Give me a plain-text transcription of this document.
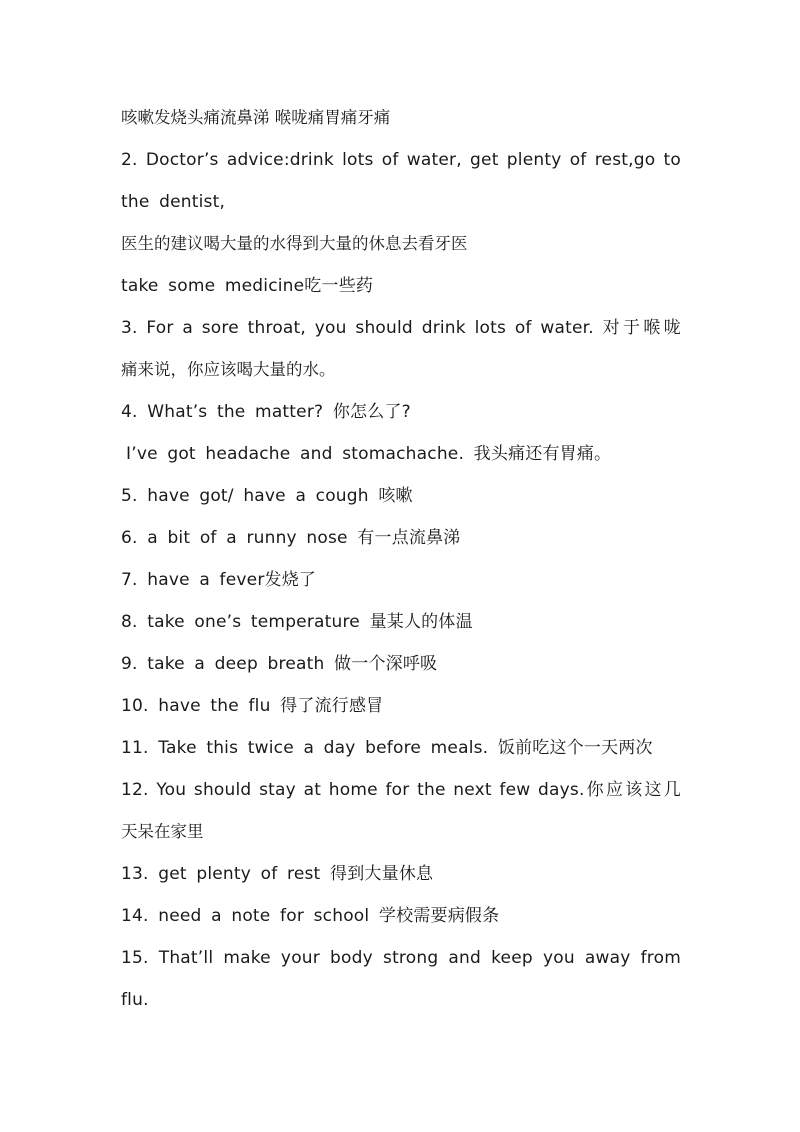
咳嗽发烧头痛流鼻涕 喉咙痛胃痛牙痛
2. Doctor’s advice:drink lots of water, get plenty of rest,go to
the dentist,
医生的建议喝大量的水得到大量的休息去看牙医
take some medicine吃一些药
3. For a sore throat, you should drink lots of water. 对于喉咙
痛来说，你应该喝大量的水。
4. What’s the matter? 你怎么了?
I’ve got headache and stomachache. 我头痛还有胃痛。
5. have got/ have a cough 咳嗽
6. a bit of a runny nose 有一点流鼻涕
7. have a fever发烧了
8. take one’s temperature 量某人的体温
9. take a deep breath 做一个深呼吸
10. have the flu 得了流行感冒
11. Take this twice a day before meals. 饭前吃这个一天两次
12. You should stay at home for the next few days.你应该这几
天呆在家里
13. get plenty of rest 得到大量休息
14. need a note for school 学校需要病假条
15. That’ll make your body strong and keep you away from
flu.
